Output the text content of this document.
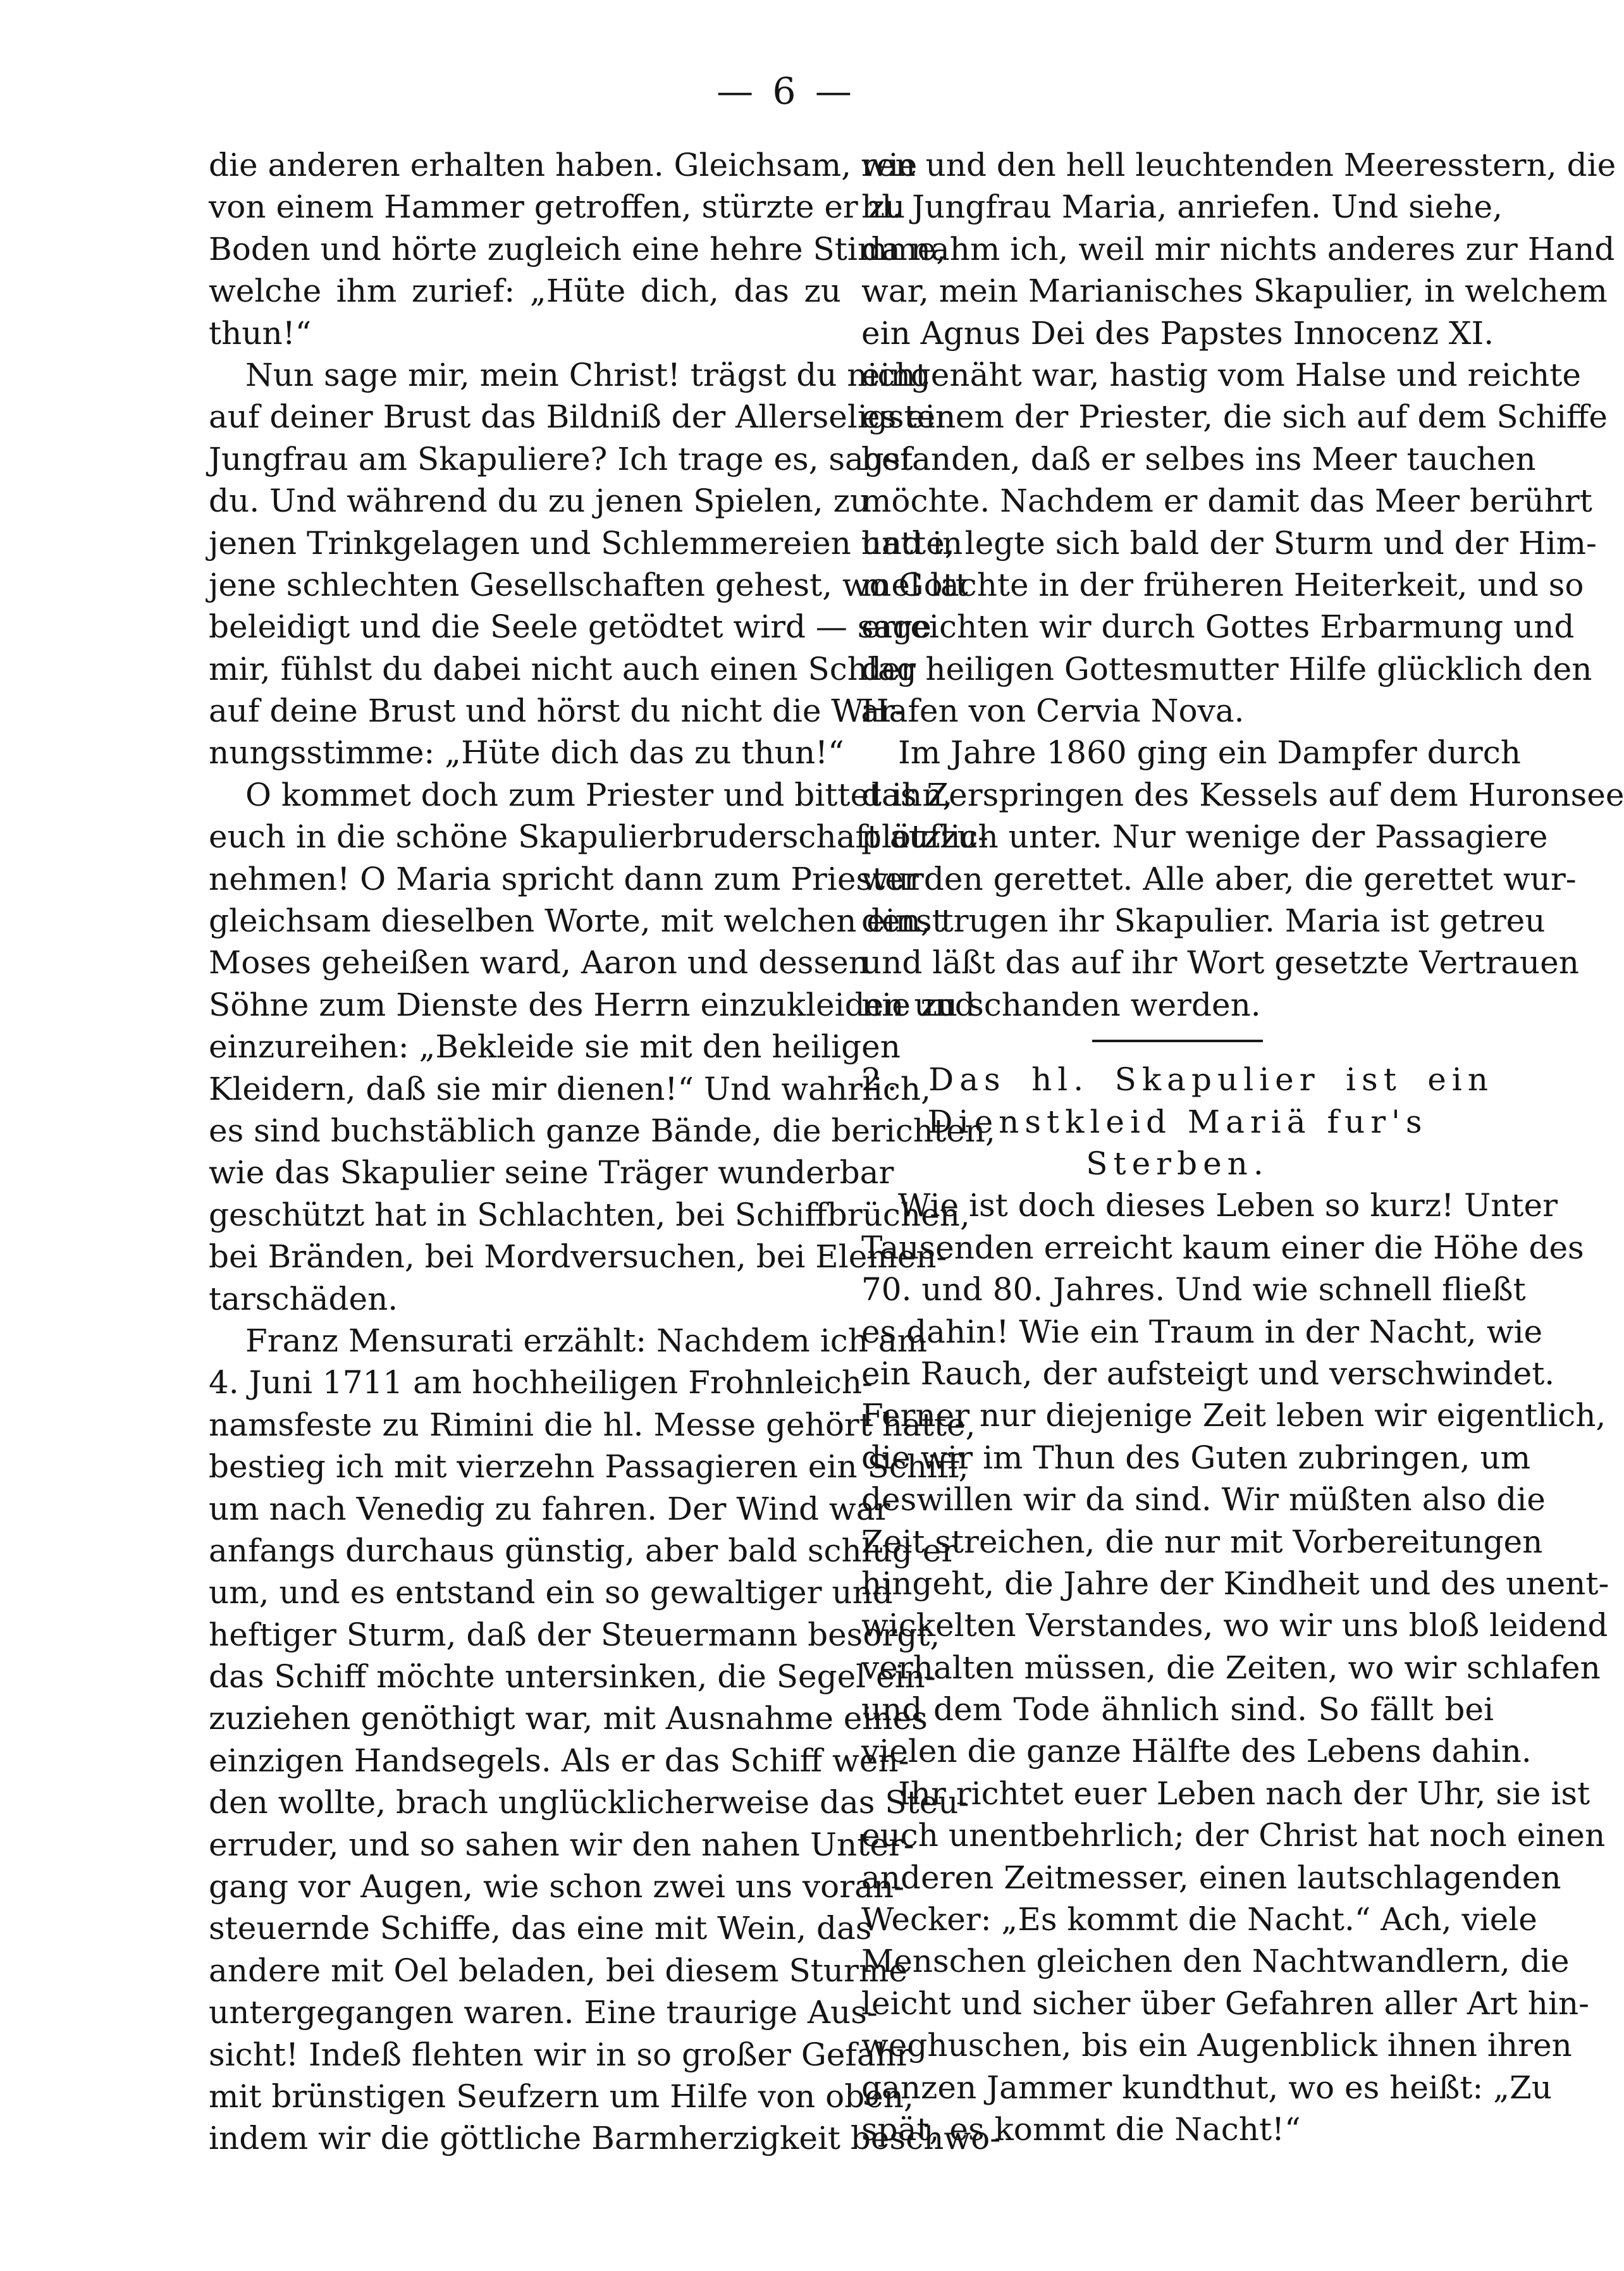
— 6 —
die anderen erhalten haben. Gleichsam, wie
von einem Hammer getroffen, stürzte er zu
Boden und hörte zugleich eine hehre Stimme,
welche ihm zurief: „Hüte dich, das zu
thun!“
Nun sage mir, mein Christ! trägst du nicht
auf deiner Brust das Bildniß der Allerseligsten
Jungfrau am Skapuliere? Ich trage es, sagst
du. Und während du zu jenen Spielen, zu
jenen Trinkgelagen und Schlemmereien und in
jene schlechten Gesellschaften gehest, wo Gott
beleidigt und die Seele getödtet wird — sage
mir, fühlst du dabei nicht auch einen Schlag
auf deine Brust und hörst du nicht die War-
nungsstimme: „Hüte dich das zu thun!“
O kommet doch zum Priester und bittet ihn,
euch in die schöne Skapulierbruderschaft aufzu-
nehmen! O Maria spricht dann zum Priester
gleichsam dieselben Worte, mit welchen einst
Moses geheißen ward, Aaron und dessen
Söhne zum Dienste des Herrn einzukleiden und
einzureihen: „Bekleide sie mit den heiligen
Kleidern, daß sie mir dienen!“ Und wahrlich,
es sind buchstäblich ganze Bände, die berichten,
wie das Skapulier seine Träger wunderbar
geschützt hat in Schlachten, bei Schiffbrüchen,
bei Bränden, bei Mordversuchen, bei Elemen-
tarschäden.
Franz Mensurati erzählt: Nachdem ich am
4. Juni 1711 am hochheiligen Frohnleich-
namsfeste zu Rimini die hl. Messe gehört hatte,
bestieg ich mit vierzehn Passagieren ein Schiff,
um nach Venedig zu fahren. Der Wind war
anfangs durchaus günstig, aber bald schlug er
um, und es entstand ein so gewaltiger und
heftiger Sturm, daß der Steuermann besorgt,
das Schiff möchte untersinken, die Segel ein-
zuziehen genöthigt war, mit Ausnahme eines
einzigen Handsegels. Als er das Schiff wen-
den wollte, brach unglücklicherweise das Steu-
erruder, und so sahen wir den nahen Unter-
gang vor Augen, wie schon zwei uns voran-
steuernde Schiffe, das eine mit Wein, das
andere mit Oel beladen, bei diesem Sturme
untergegangen waren. Eine traurige Aus-
sicht! Indeß flehten wir in so großer Gefahr
mit brünstigen Seufzern um Hilfe von oben,
indem wir die göttliche Barmherzigkeit beschwo-
ren und den hell leuchtenden Meeresstern, die
hl. Jungfrau Maria, anriefen. Und siehe,
da nahm ich, weil mir nichts anderes zur Hand
war, mein Marianisches Skapulier, in welchem
ein Agnus Dei des Papstes Innocenz XI.
eingenäht war, hastig vom Halse und reichte
es einem der Priester, die sich auf dem Schiffe
befanden, daß er selbes ins Meer tauchen
möchte. Nachdem er damit das Meer berührt
hatte, legte sich bald der Sturm und der Him-
mel lachte in der früheren Heiterkeit, und so
erreichten wir durch Gottes Erbarmung und
der heiligen Gottesmutter Hilfe glücklich den
Hafen von Cervia Nova.
Im Jahre 1860 ging ein Dampfer durch
das Zerspringen des Kessels auf dem Huronsee
plötzlich unter. Nur wenige der Passagiere
wurden gerettet. Alle aber, die gerettet wur-
den, trugen ihr Skapulier. Maria ist getreu
und läßt das auf ihr Wort gesetzte Vertrauen
nie zu schanden werden.
2. Das hl. Skapulier ist ein
Dienstkleid Mariä fur's
Sterben.
Wie ist doch dieses Leben so kurz! Unter
Tausenden erreicht kaum einer die Höhe des
70. und 80. Jahres. Und wie schnell fließt
es dahin! Wie ein Traum in der Nacht, wie
ein Rauch, der aufsteigt und verschwindet.
Ferner nur diejenige Zeit leben wir eigentlich,
die wir im Thun des Guten zubringen, um
deswillen wir da sind. Wir müßten also die
Zeit streichen, die nur mit Vorbereitungen
hingeht, die Jahre der Kindheit und des unent-
wickelten Verstandes, wo wir uns bloß leidend
verhalten müssen, die Zeiten, wo wir schlafen
und dem Tode ähnlich sind. So fällt bei
vielen die ganze Hälfte des Lebens dahin.
Ihr richtet euer Leben nach der Uhr, sie ist
euch unentbehrlich; der Christ hat noch einen
anderen Zeitmesser, einen lautschlagenden
Wecker: „Es kommt die Nacht.“ Ach, viele
Menschen gleichen den Nachtwandlern, die
leicht und sicher über Gefahren aller Art hin-
weghuschen, bis ein Augenblick ihnen ihren
ganzen Jammer kundthut, wo es heißt: „Zu
spät, es kommt die Nacht!“
